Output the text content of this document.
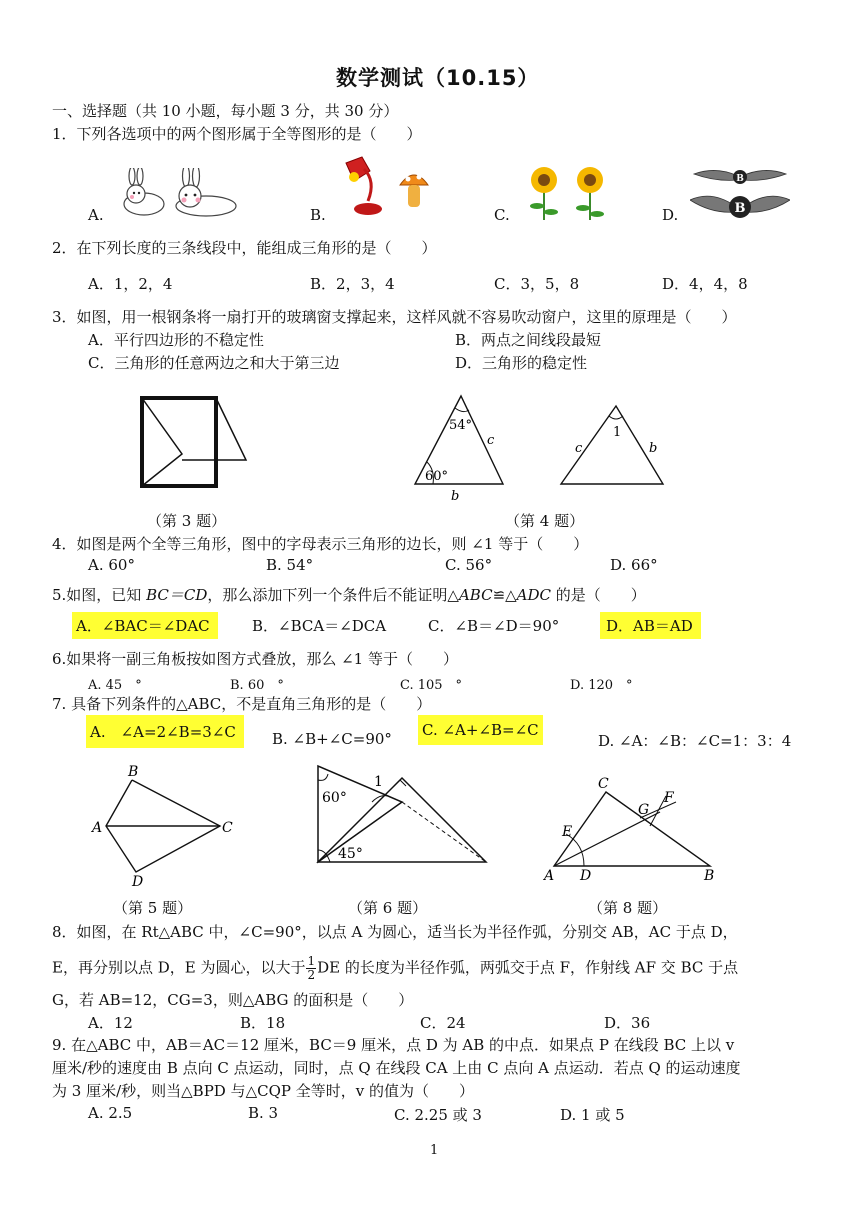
数学测试（10.15）
一、选择题（共 10 小题，每小题 3 分，共 30 分）
1．下列各选项中的两个图形属于全等图形的是（　　）
A.	B.	C.	D.
B
B
2．在下列长度的三条线段中，能组成三角形的是（　　）
A．1，2，4	B．2，3，4	C．3，5，8	D．4，4，8
3．如图，用一根钢条将一扇打开的玻璃窗支撑起来，这样风就不容易吹动窗户，这里的原理是（　　）
A．平行四边形的不稳定性	B．两点之间线段最短
C．三角形的任意两边之和大于第三边	D．三角形的稳定性
54°
60°
c
b
1
c	b
（第 3 题）	（第 4 题）
4．如图是两个全等三角形，图中的字母表示三角形的边长，则 ∠1 等于（　　）
A. 60°	B. 54°	C. 56°	D. 66°
5.如图，已知 BC＝CD，那么添加下列一个条件后不能证明△ABC≌△ADC 的是（　　）
A．∠BAC＝∠DAC	B．∠BCA＝∠DCA	C．∠B＝∠D＝90°	D．AB＝AD
6.如果将一副三角板按如图方式叠放，那么 ∠1 等于（　　）
A. 45　°	B. 60　°	C. 105　°	D. 120　°
7. 具备下列条件的△ABC，不是直角三角形的是（　　）
A.　∠A=2∠B=3∠C	B. ∠B+∠C=90° C. ∠A+∠B=∠C
D. ∠A：∠B：∠C=1：3：4
B
A	C
D
1
60°
45°
C
G
F
E
A D	B
（第 5 题）	（第 6 题）	（第 8 题）
8．如图，在 Rt△ABC 中，∠C=90°，以点 A 为圆心，适当长为半径作弧，分别交 AB，AC 于点 D，
E，再分别以点 D，E 为圆心，以大于 $\frac{1}{2}$ DE 的长度为半径作弧，两弧交于点 F，作射线 AF 交 BC 于点
G，若 AB=12，CG=3，则△ABG 的面积是（　　）
A．12	B．18	C．24	D．36
9. 在△ABC 中，AB＝AC＝12 厘米，BC＝9 厘米，点 D 为 AB 的中点．如果点 P 在线段 BC 上以 v
厘米/秒的速度由 B 点向 C 点运动，同时，点 Q 在线段 CA 上由 C 点向 A 点运动．若点 Q 的运动速度
为 3 厘米/秒，则当△BPD 与△CQP 全等时，v 的值为（　　）
A. 2.5	B. 3	C. 2.25 或 3	D. 1 或 5
1
